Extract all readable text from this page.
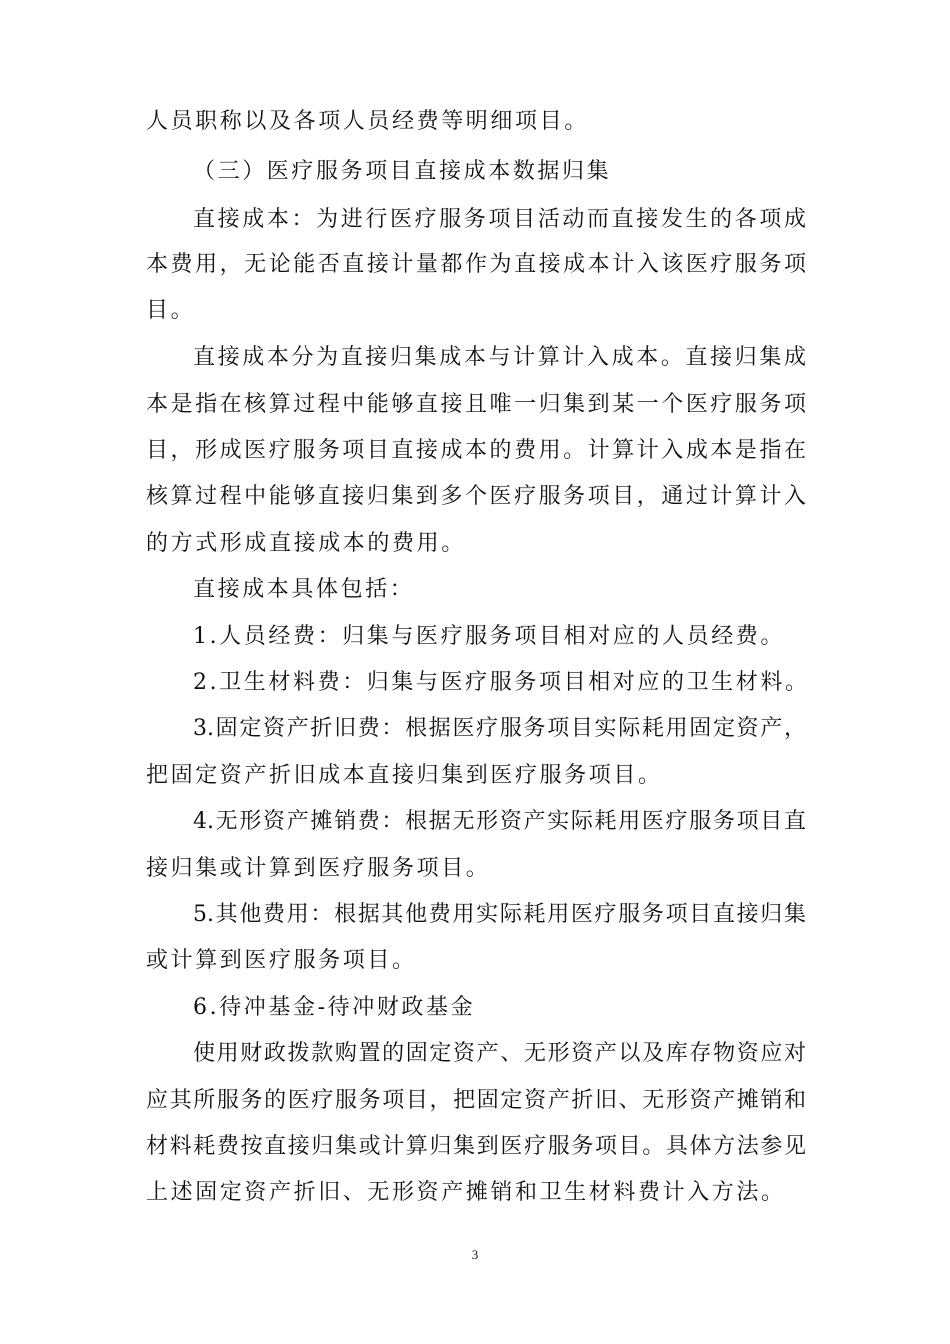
人员职称以及各项人员经费等明细项目。
（三）医疗服务项目直接成本数据归集
直接成本：为进行医疗服务项目活动而直接发生的各项成
本费用，无论能否直接计量都作为直接成本计入该医疗服务项
目。
直接成本分为直接归集成本与计算计入成本。直接归集成
本是指在核算过程中能够直接且唯一归集到某一个医疗服务项
目，形成医疗服务项目直接成本的费用。计算计入成本是指在
核算过程中能够直接归集到多个医疗服务项目，通过计算计入
的方式形成直接成本的费用。
直接成本具体包括：
1.人员经费：归集与医疗服务项目相对应的人员经费。
2.卫生材料费：归集与医疗服务项目相对应的卫生材料。
3.固定资产折旧费：根据医疗服务项目实际耗用固定资产，
把固定资产折旧成本直接归集到医疗服务项目。
4.无形资产摊销费：根据无形资产实际耗用医疗服务项目直
接归集或计算到医疗服务项目。
5.其他费用：根据其他费用实际耗用医疗服务项目直接归集
或计算到医疗服务项目。
6.待冲基金-待冲财政基金
使用财政拨款购置的固定资产、无形资产以及库存物资应对
应其所服务的医疗服务项目，把固定资产折旧、无形资产摊销和
材料耗费按直接归集或计算归集到医疗服务项目。具体方法参见
上述固定资产折旧、无形资产摊销和卫生材料费计入方法。
3
